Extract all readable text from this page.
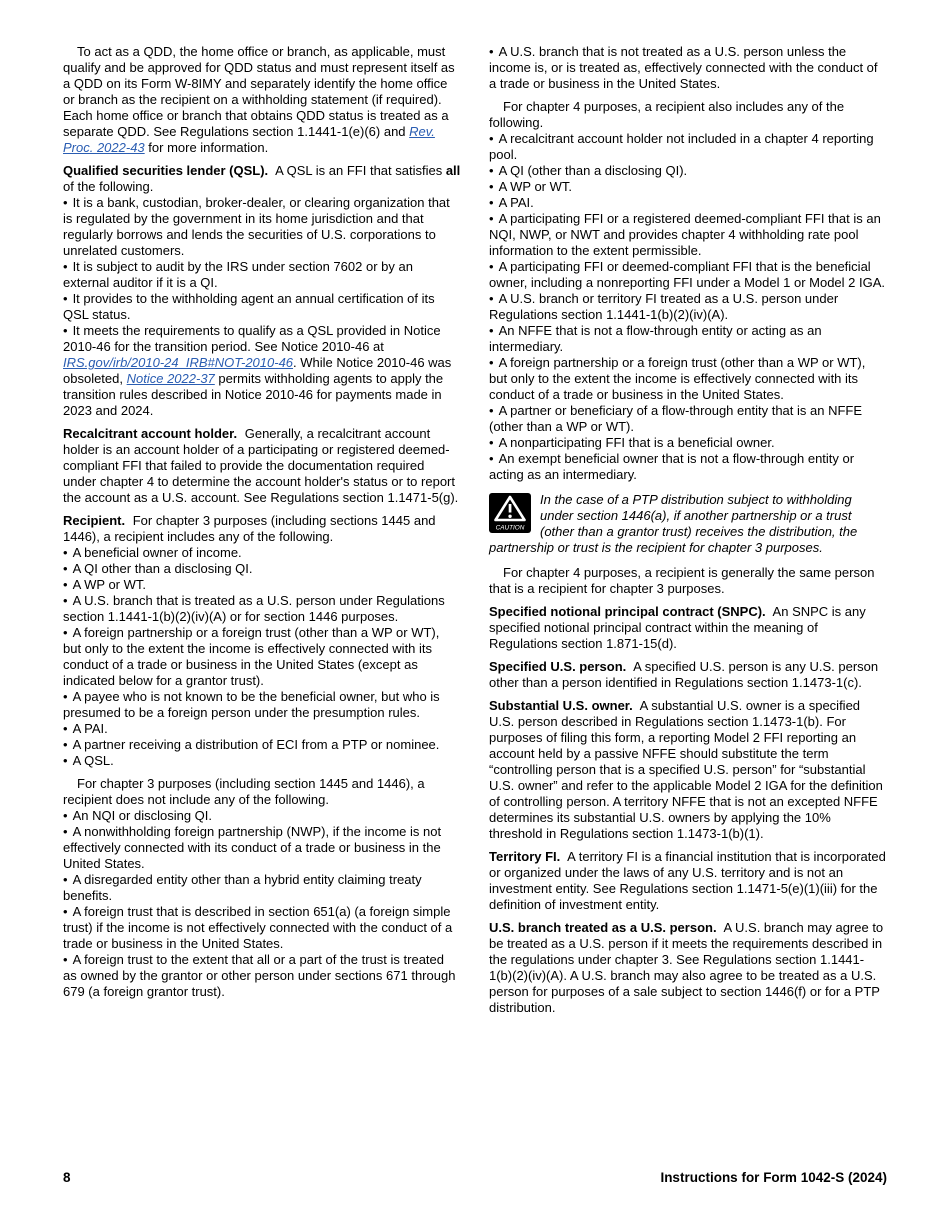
To act as a QDD, the home office or branch, as applicable, must qualify and be approved for QDD status and must represent itself as a QDD on its Form W-8IMY and separately identify the home office or branch as the recipient on a withholding statement (if required). Each home office or branch that obtains QDD status is treated as a separate QDD. See Regulations section 1.1441-1(e)(6) and Rev. Proc. 2022-43 for more information.
Qualified securities lender (QSL). A QSL is an FFI that satisfies all of the following.
• It is a bank, custodian, broker-dealer, or clearing organization that is regulated by the government in its home jurisdiction and that regularly borrows and lends the securities of U.S. corporations to unrelated customers.
• It is subject to audit by the IRS under section 7602 or by an external auditor if it is a QI.
• It provides to the withholding agent an annual certification of its QSL status.
• It meets the requirements to qualify as a QSL provided in Notice 2010-46 for the transition period. See Notice 2010-46 at IRS.gov/irb/2010-24_IRB#NOT-2010-46. While Notice 2010-46 was obsoleted, Notice 2022-37 permits withholding agents to apply the transition rules described in Notice 2010-46 for payments made in 2023 and 2024.
Recalcitrant account holder. Generally, a recalcitrant account holder is an account holder of a participating or registered deemed-compliant FFI that failed to provide the documentation required under chapter 4 to determine the account holder's status or to report the account as a U.S. account. See Regulations section 1.1471-5(g).
Recipient. For chapter 3 purposes (including sections 1445 and 1446), a recipient includes any of the following.
• A beneficial owner of income.
• A QI other than a disclosing QI.
• A WP or WT.
• A U.S. branch that is treated as a U.S. person under Regulations section 1.1441-1(b)(2)(iv)(A) or for section 1446 purposes.
• A foreign partnership or a foreign trust (other than a WP or WT), but only to the extent the income is effectively connected with its conduct of a trade or business in the United States (except as indicated below for a grantor trust).
• A payee who is not known to be the beneficial owner, but who is presumed to be a foreign person under the presumption rules.
• A PAI.
• A partner receiving a distribution of ECI from a PTP or nominee.
• A QSL.
For chapter 3 purposes (including section 1445 and 1446), a recipient does not include any of the following.
• An NQI or disclosing QI.
• A nonwithholding foreign partnership (NWP), if the income is not effectively connected with its conduct of a trade or business in the United States.
• A disregarded entity other than a hybrid entity claiming treaty benefits.
• A foreign trust that is described in section 651(a) (a foreign simple trust) if the income is not effectively connected with the conduct of a trade or business in the United States.
• A foreign trust to the extent that all or a part of the trust is treated as owned by the grantor or other person under sections 671 through 679 (a foreign grantor trust).
• A U.S. branch that is not treated as a U.S. person unless the income is, or is treated as, effectively connected with the conduct of a trade or business in the United States.
For chapter 4 purposes, a recipient also includes any of the following.
• A recalcitrant account holder not included in a chapter 4 reporting pool.
• A QI (other than a disclosing QI).
• A WP or WT.
• A PAI.
• A participating FFI or a registered deemed-compliant FFI that is an NQI, NWP, or NWT and provides chapter 4 withholding rate pool information to the extent permissible.
• A participating FFI or deemed-compliant FFI that is the beneficial owner, including a nonreporting FFI under a Model 1 or Model 2 IGA.
• A U.S. branch or territory FI treated as a U.S. person under Regulations section 1.1441-1(b)(2)(iv)(A).
• An NFFE that is not a flow-through entity or acting as an intermediary.
• A foreign partnership or a foreign trust (other than a WP or WT), but only to the extent the income is effectively connected with its conduct of a trade or business in the United States.
• A partner or beneficiary of a flow-through entity that is an NFFE (other than a WP or WT).
• A nonparticipating FFI that is a beneficial owner.
• An exempt beneficial owner that is not a flow-through entity or acting as an intermediary.
CAUTION
In the case of a PTP distribution subject to withholding under section 1446(a), if another partnership or a trust (other than a grantor trust) receives the distribution, the partnership or trust is the recipient for chapter 3 purposes.
For chapter 4 purposes, a recipient is generally the same person that is a recipient for chapter 3 purposes.
Specified notional principal contract (SNPC). An SNPC is any specified notional principal contract within the meaning of Regulations section 1.871-15(d).
Specified U.S. person. A specified U.S. person is any U.S. person other than a person identified in Regulations section 1.1473-1(c).
Substantial U.S. owner. A substantial U.S. owner is a specified U.S. person described in Regulations section 1.1473-1(b). For purposes of filing this form, a reporting Model 2 FFI reporting an account held by a passive NFFE should substitute the term “controlling person that is a specified U.S. person” for “substantial U.S. owner” and refer to the applicable Model 2 IGA for the definition of controlling person. A territory NFFE that is not an excepted NFFE determines its substantial U.S. owners by applying the 10% threshold in Regulations section 1.1473-1(b)(1).
Territory FI. A territory FI is a financial institution that is incorporated or organized under the laws of any U.S. territory and is not an investment entity. See Regulations section 1.1471-5(e)(1)(iii) for the definition of investment entity.
U.S. branch treated as a U.S. person. A U.S. branch may agree to be treated as a U.S. person if it meets the requirements described in the regulations under chapter 3. See Regulations section 1.1441-1(b)(2)(iv)(A). A U.S. branch may also agree to be treated as a U.S. person for purposes of a sale subject to section 1446(f) or for a PTP distribution.
8	Instructions for Form 1042-S (2024)
